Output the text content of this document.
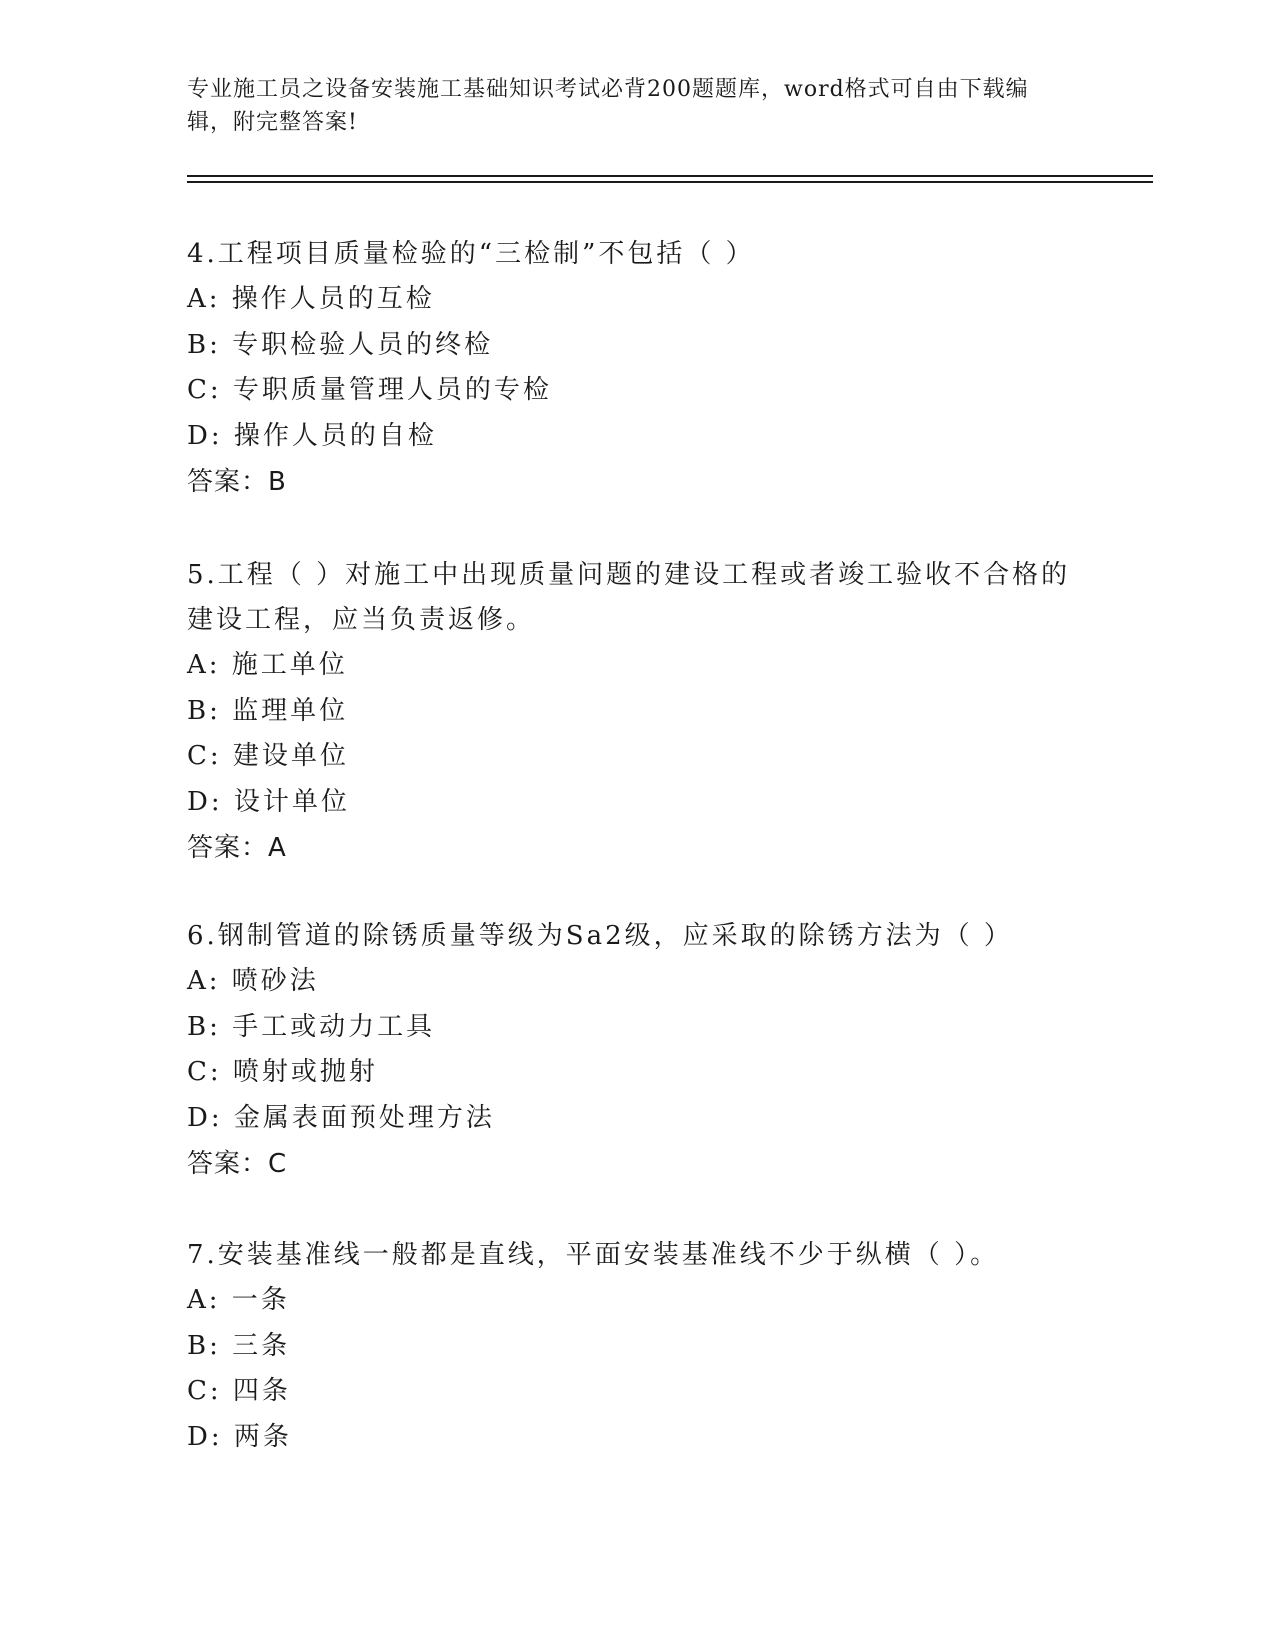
专业施工员之设备安装施工基础知识考试必背200题题库，word格式可自由下载编辑，附完整答案!

4.工程项目质量检验的“三检制”不包括（ ）

A: 操作人员的互检

B: 专职检验人员的终检

C: 专职质量管理人员的专检

D: 操作人员的自检

答案：B

5.工程（ ）对施工中出现质量问题的建设工程或者竣工验收不合格的建设工程，应当负责返修。

A: 施工单位

B: 监理单位

C: 建设单位

D: 设计单位

答案：A

6.钢制管道的除锈质量等级为Sa2级，应采取的除锈方法为（ ）

A: 喷砂法

B: 手工或动力工具

C: 喷射或抛射

D: 金属表面预处理方法

答案：C

7.安装基准线一般都是直线，平面安装基准线不少于纵横（ ）。

A: 一条

B: 三条

C: 四条

D: 两条
